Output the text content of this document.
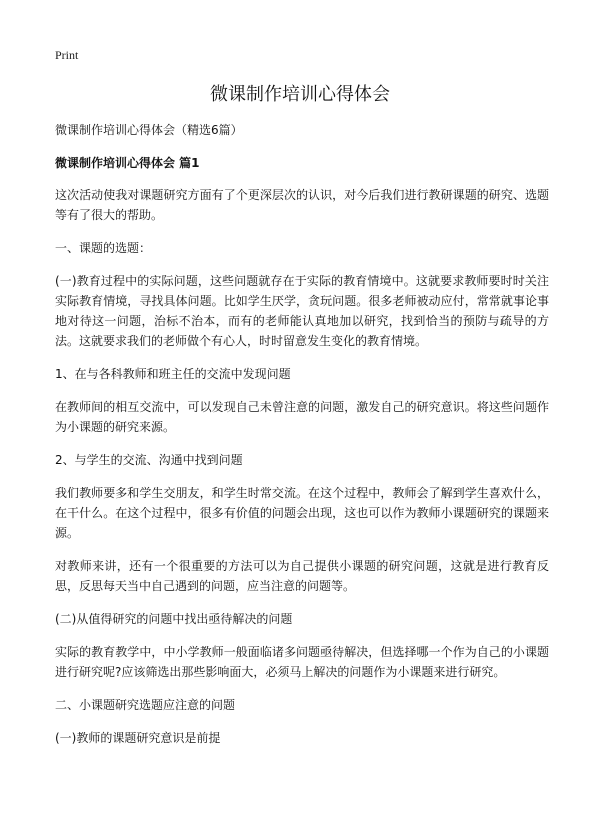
Print
微课制作培训心得体会

微课制作培训心得体会（精选6篇）

微课制作培训心得体会 篇1

这次活动使我对课题研究方面有了个更深层次的认识，对今后我们进行教研课题的研究、选题等有了很大的帮助。

一、课题的选题：

(一)教育过程中的实际问题，这些问题就存在于实际的教育情境中。这就要求教师要时时关注实际教育情境，寻找具体问题。比如学生厌学，贪玩问题。很多老师被动应付，常常就事论事地对待这一问题，治标不治本，而有的老师能认真地加以研究，找到恰当的预防与疏导的方法。这就要求我们的老师做个有心人，时时留意发生变化的教育情境。

1、在与各科教师和班主任的交流中发现问题

在教师间的相互交流中，可以发现自己未曾注意的问题，激发自己的研究意识。将这些问题作为小课题的研究来源。

2、与学生的交流、沟通中找到问题

我们教师要多和学生交朋友，和学生时常交流。在这个过程中，教师会了解到学生喜欢什么，在干什么。在这个过程中，很多有价值的问题会出现，这也可以作为教师小课题研究的课题来源。

对教师来讲，还有一个很重要的方法可以为自己提供小课题的研究问题，这就是进行教育反思，反思每天当中自己遇到的问题，应当注意的问题等。

(二)从值得研究的问题中找出亟待解决的问题

实际的教育教学中，中小学教师一般面临诸多问题亟待解决，但选择哪一个作为自己的小课题进行研究呢?应该筛选出那些影响面大，必须马上解决的问题作为小课题来进行研究。

二、小课题研究选题应注意的问题

(一)教师的课题研究意识是前提
